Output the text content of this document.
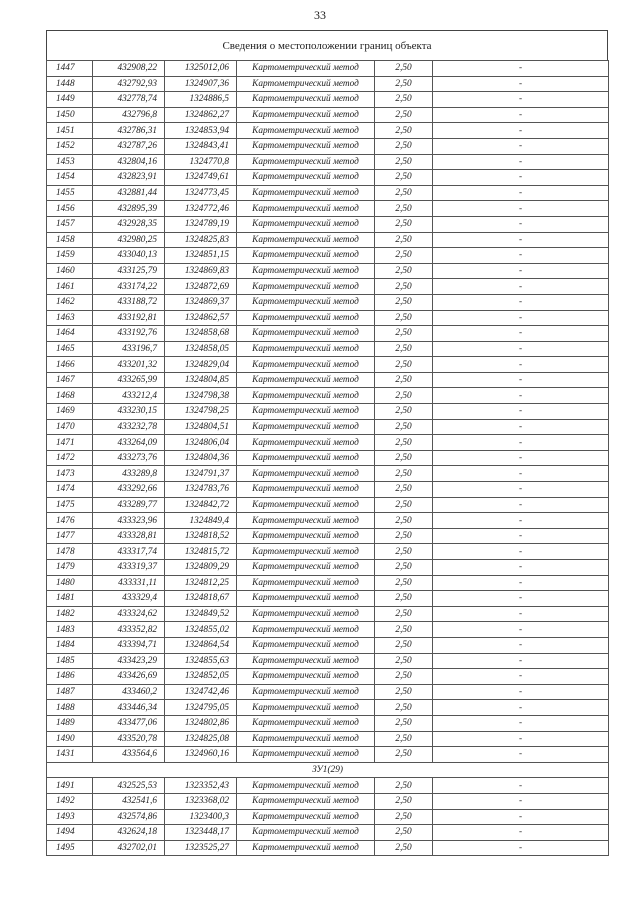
33
Сведения о местоположении границ объекта
1447	432908,22	1325012,06	Картометрический метод	2,50	-
1448	432792,93	1324907,36	Картометрический метод	2,50	-
1449	432778,74	1324886,5	Картометрический метод	2,50	-
1450	432796,8	1324862,27	Картометрический метод	2,50	-
1451	432786,31	1324853,94	Картометрический метод	2,50	-
1452	432787,26	1324843,41	Картометрический метод	2,50	-
1453	432804,16	1324770,8	Картометрический метод	2,50	-
1454	432823,91	1324749,61	Картометрический метод	2,50	-
1455	432881,44	1324773,45	Картометрический метод	2,50	-
1456	432895,39	1324772,46	Картометрический метод	2,50	-
1457	432928,35	1324789,19	Картометрический метод	2,50	-
1458	432980,25	1324825,83	Картометрический метод	2,50	-
1459	433040,13	1324851,15	Картометрический метод	2,50	-
1460	433125,79	1324869,83	Картометрический метод	2,50	-
1461	433174,22	1324872,69	Картометрический метод	2,50	-
1462	433188,72	1324869,37	Картометрический метод	2,50	-
1463	433192,81	1324862,57	Картометрический метод	2,50	-
1464	433192,76	1324858,68	Картометрический метод	2,50	-
1465	433196,7	1324858,05	Картометрический метод	2,50	-
1466	433201,32	1324829,04	Картометрический метод	2,50	-
1467	433265,99	1324804,85	Картометрический метод	2,50	-
1468	433212,4	1324798,38	Картометрический метод	2,50	-
1469	433230,15	1324798,25	Картометрический метод	2,50	-
1470	433232,78	1324804,51	Картометрический метод	2,50	-
1471	433264,09	1324806,04	Картометрический метод	2,50	-
1472	433273,76	1324804,36	Картометрический метод	2,50	-
1473	433289,8	1324791,37	Картометрический метод	2,50	-
1474	433292,66	1324783,76	Картометрический метод	2,50	-
1475	433289,77	1324842,72	Картометрический метод	2,50	-
1476	433323,96	1324849,4	Картометрический метод	2,50	-
1477	433328,81	1324818,52	Картометрический метод	2,50	-
1478	433317,74	1324815,72	Картометрический метод	2,50	-
1479	433319,37	1324809,29	Картометрический метод	2,50	-
1480	433331,11	1324812,25	Картометрический метод	2,50	-
1481	433329,4	1324818,67	Картометрический метод	2,50	-
1482	433324,62	1324849,52	Картометрический метод	2,50	-
1483	433352,82	1324855,02	Картометрический метод	2,50	-
1484	433394,71	1324864,54	Картометрический метод	2,50	-
1485	433423,29	1324855,63	Картометрический метод	2,50	-
1486	433426,69	1324852,05	Картометрический метод	2,50	-
1487	433460,2	1324742,46	Картометрический метод	2,50	-
1488	433446,34	1324795,05	Картометрический метод	2,50	-
1489	433477,06	1324802,86	Картометрический метод	2,50	-
1490	433520,78	1324825,08	Картометрический метод	2,50	-
1431	433564,6	1324960,16	Картометрический метод	2,50	-
ЗУ1(29)					
1491	432525,53	1323352,43	Картометрический метод	2,50	-
1492	432541,6	1323368,02	Картометрический метод	2,50	-
1493	432574,86	1323400,3	Картометрический метод	2,50	-
1494	432624,18	1323448,17	Картометрический метод	2,50	-
1495	432702,01	1323525,27	Картометрический метод	2,50	-
